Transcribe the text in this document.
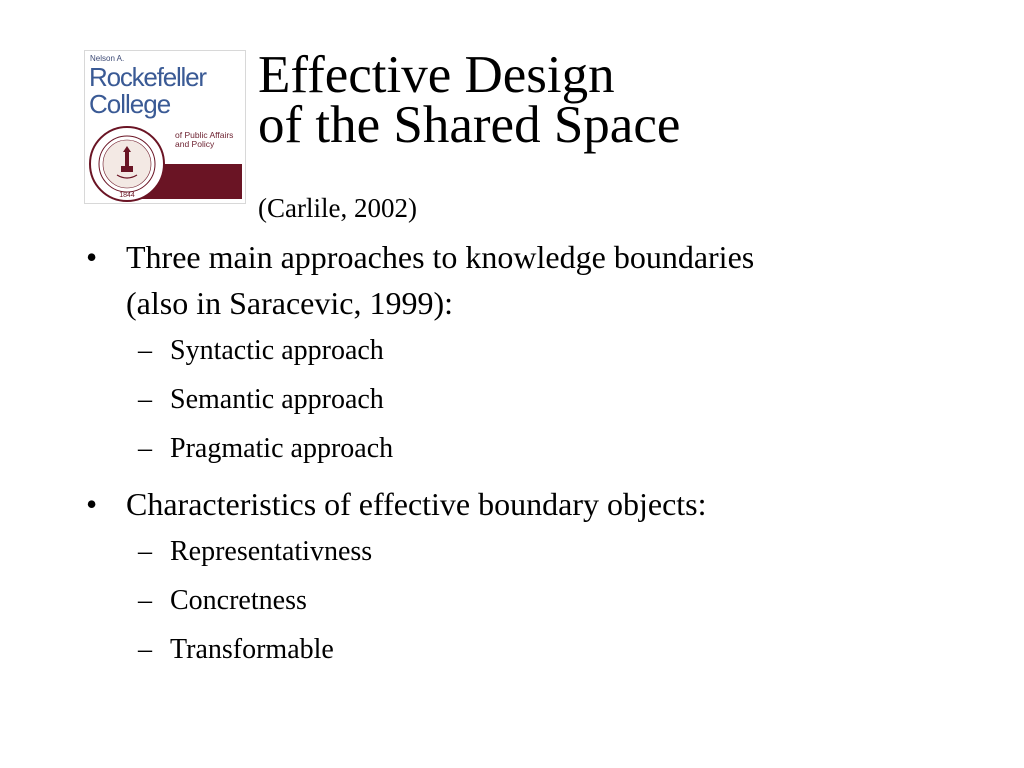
Nelson A.
Rockefeller
College
of Public Affairs
and Policy
1844
Effective Design
of the Shared Space
(Carlile, 2002)
• Three main approaches to knowledge boundaries
(also in Saracevic, 1999):
– Syntactic approach
– Semantic approach
– Pragmatic approach
• Characteristics of effective boundary objects:
– Representativness
– Concretness
– Transformable
